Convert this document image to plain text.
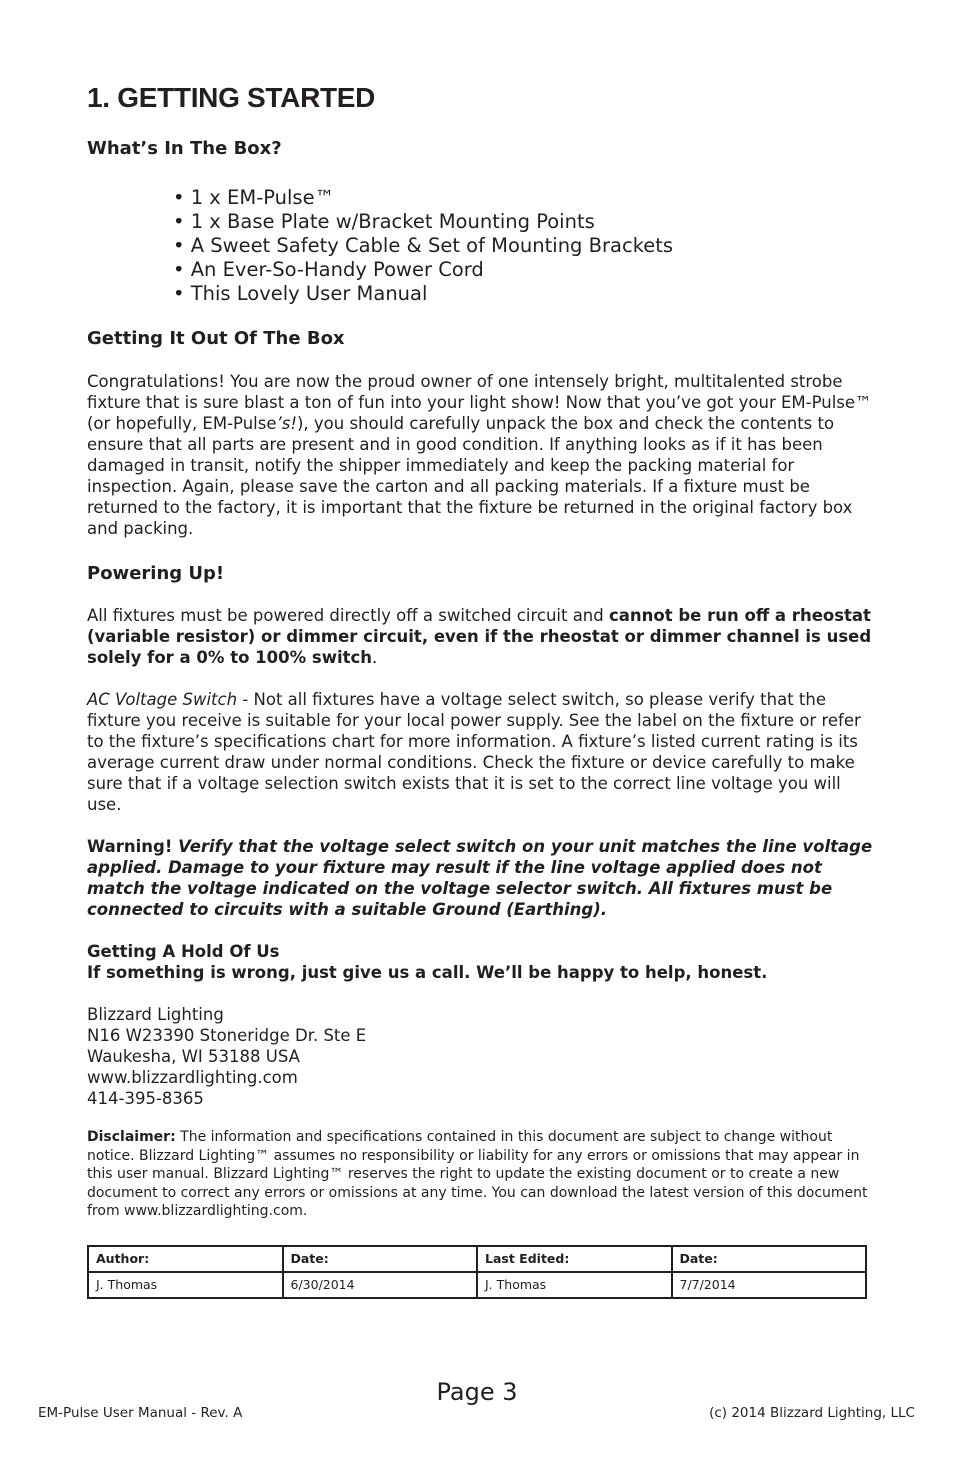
1. GETTING STARTED
What’s In The Box?
• 1 x EM-Pulse™
• 1 x Base Plate w/Bracket Mounting Points
• A Sweet Safety Cable & Set of Mounting Brackets
• An Ever-So-Handy Power Cord
• This Lovely User Manual
Getting It Out Of The Box

Congratulations! You are now the proud owner of one intensely bright, multitalented strobe fixture that is sure blast a ton of fun into your light show! Now that you’ve got your EM-Pulse™ (or hopefully, EM-Pulse’s!), you should carefully unpack the box and check the contents to ensure that all parts are present and in good condition. If anything looks as if it has been damaged in transit, notify the shipper immediately and keep the packing material for inspection. Again, please save the carton and all packing materials. If a fixture must be returned to the factory, it is important that the fixture be returned in the original factory box and packing.

Powering Up!

All fixtures must be powered directly off a switched circuit and cannot be run off a rheostat (variable resistor) or dimmer circuit, even if the rheostat or dimmer channel is used solely for a 0% to 100% switch.

AC Voltage Switch - Not all fixtures have a voltage select switch, so please verify that the fixture you receive is suitable for your local power supply. See the label on the fixture or refer to the fixture’s specifications chart for more information. A fixture’s listed current rating is its average current draw under normal conditions. Check the fixture or device carefully to make sure that if a voltage selection switch exists that it is set to the correct line voltage you will use.

Warning! Verify that the voltage select switch on your unit matches the line voltage applied. Damage to your fixture may result if the line voltage applied does not match the voltage indicated on the voltage selector switch. All fixtures must be connected to circuits with a suitable Ground (Earthing).

Getting A Hold Of Us

If something is wrong, just give us a call. We’ll be happy to help, honest.

Blizzard Lighting
N16 W23390 Stoneridge Dr. Ste E
Waukesha, WI 53188 USA
www.blizzardlighting.com
414-395-8365

Disclaimer: The information and specifications contained in this document are subject to change without notice. Blizzard Lighting™ assumes no responsibility or liability for any errors or omissions that may appear in this user manual. Blizzard Lighting™ reserves the right to update the existing document or to create a new document to correct any errors or omissions at any time. You can download the latest version of this document from www.blizzardlighting.com.

Author:	Date:	Last Edited:	Date:
J. Thomas	6/30/2014	J. Thomas	7/7/2014
Page 3
EM-Pulse User Manual - Rev. A	(c) 2014 Blizzard Lighting, LLC
